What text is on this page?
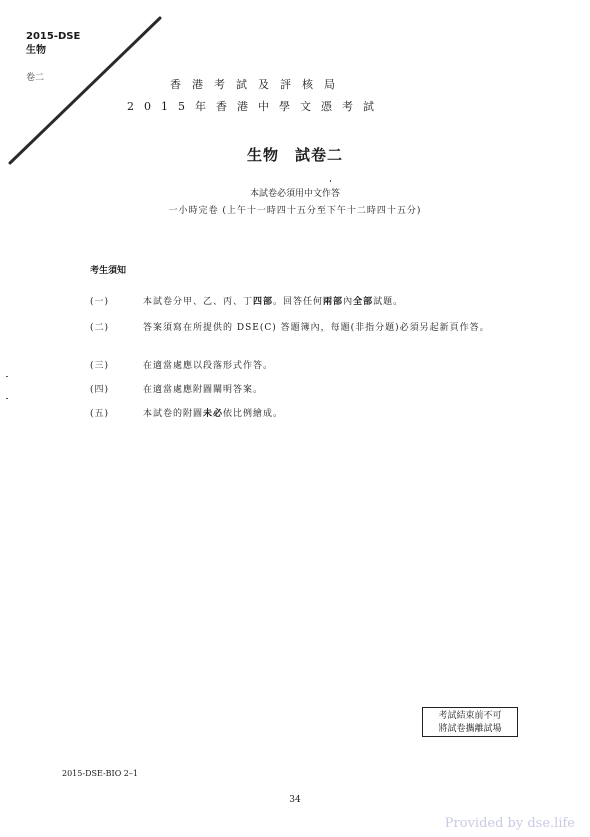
2015-DSE
生物
卷二	香港考試及評核局
2015年香港中學文憑考試
生物　試卷二
本試卷必須用中文作答
一小時完卷 (上午十一時四十五分至下午十二時四十五分)
考生須知
(一)	本試卷分甲、乙、丙、丁四部。回答任何兩部內全部試題。
(二)	答案須寫在所提供的 DSE(C) 答題簿內，每題(非指分題)必須另起新頁作答。
(三)	在適當處應以段落形式作答。
(四)	在適當處應附圖闡明答案。
(五)	本試卷的附圖未必依比例繪成。
考試結束前不可
將試卷攜離試場
2015-DSE-BIO 2–1
34
Provided by dse.life
